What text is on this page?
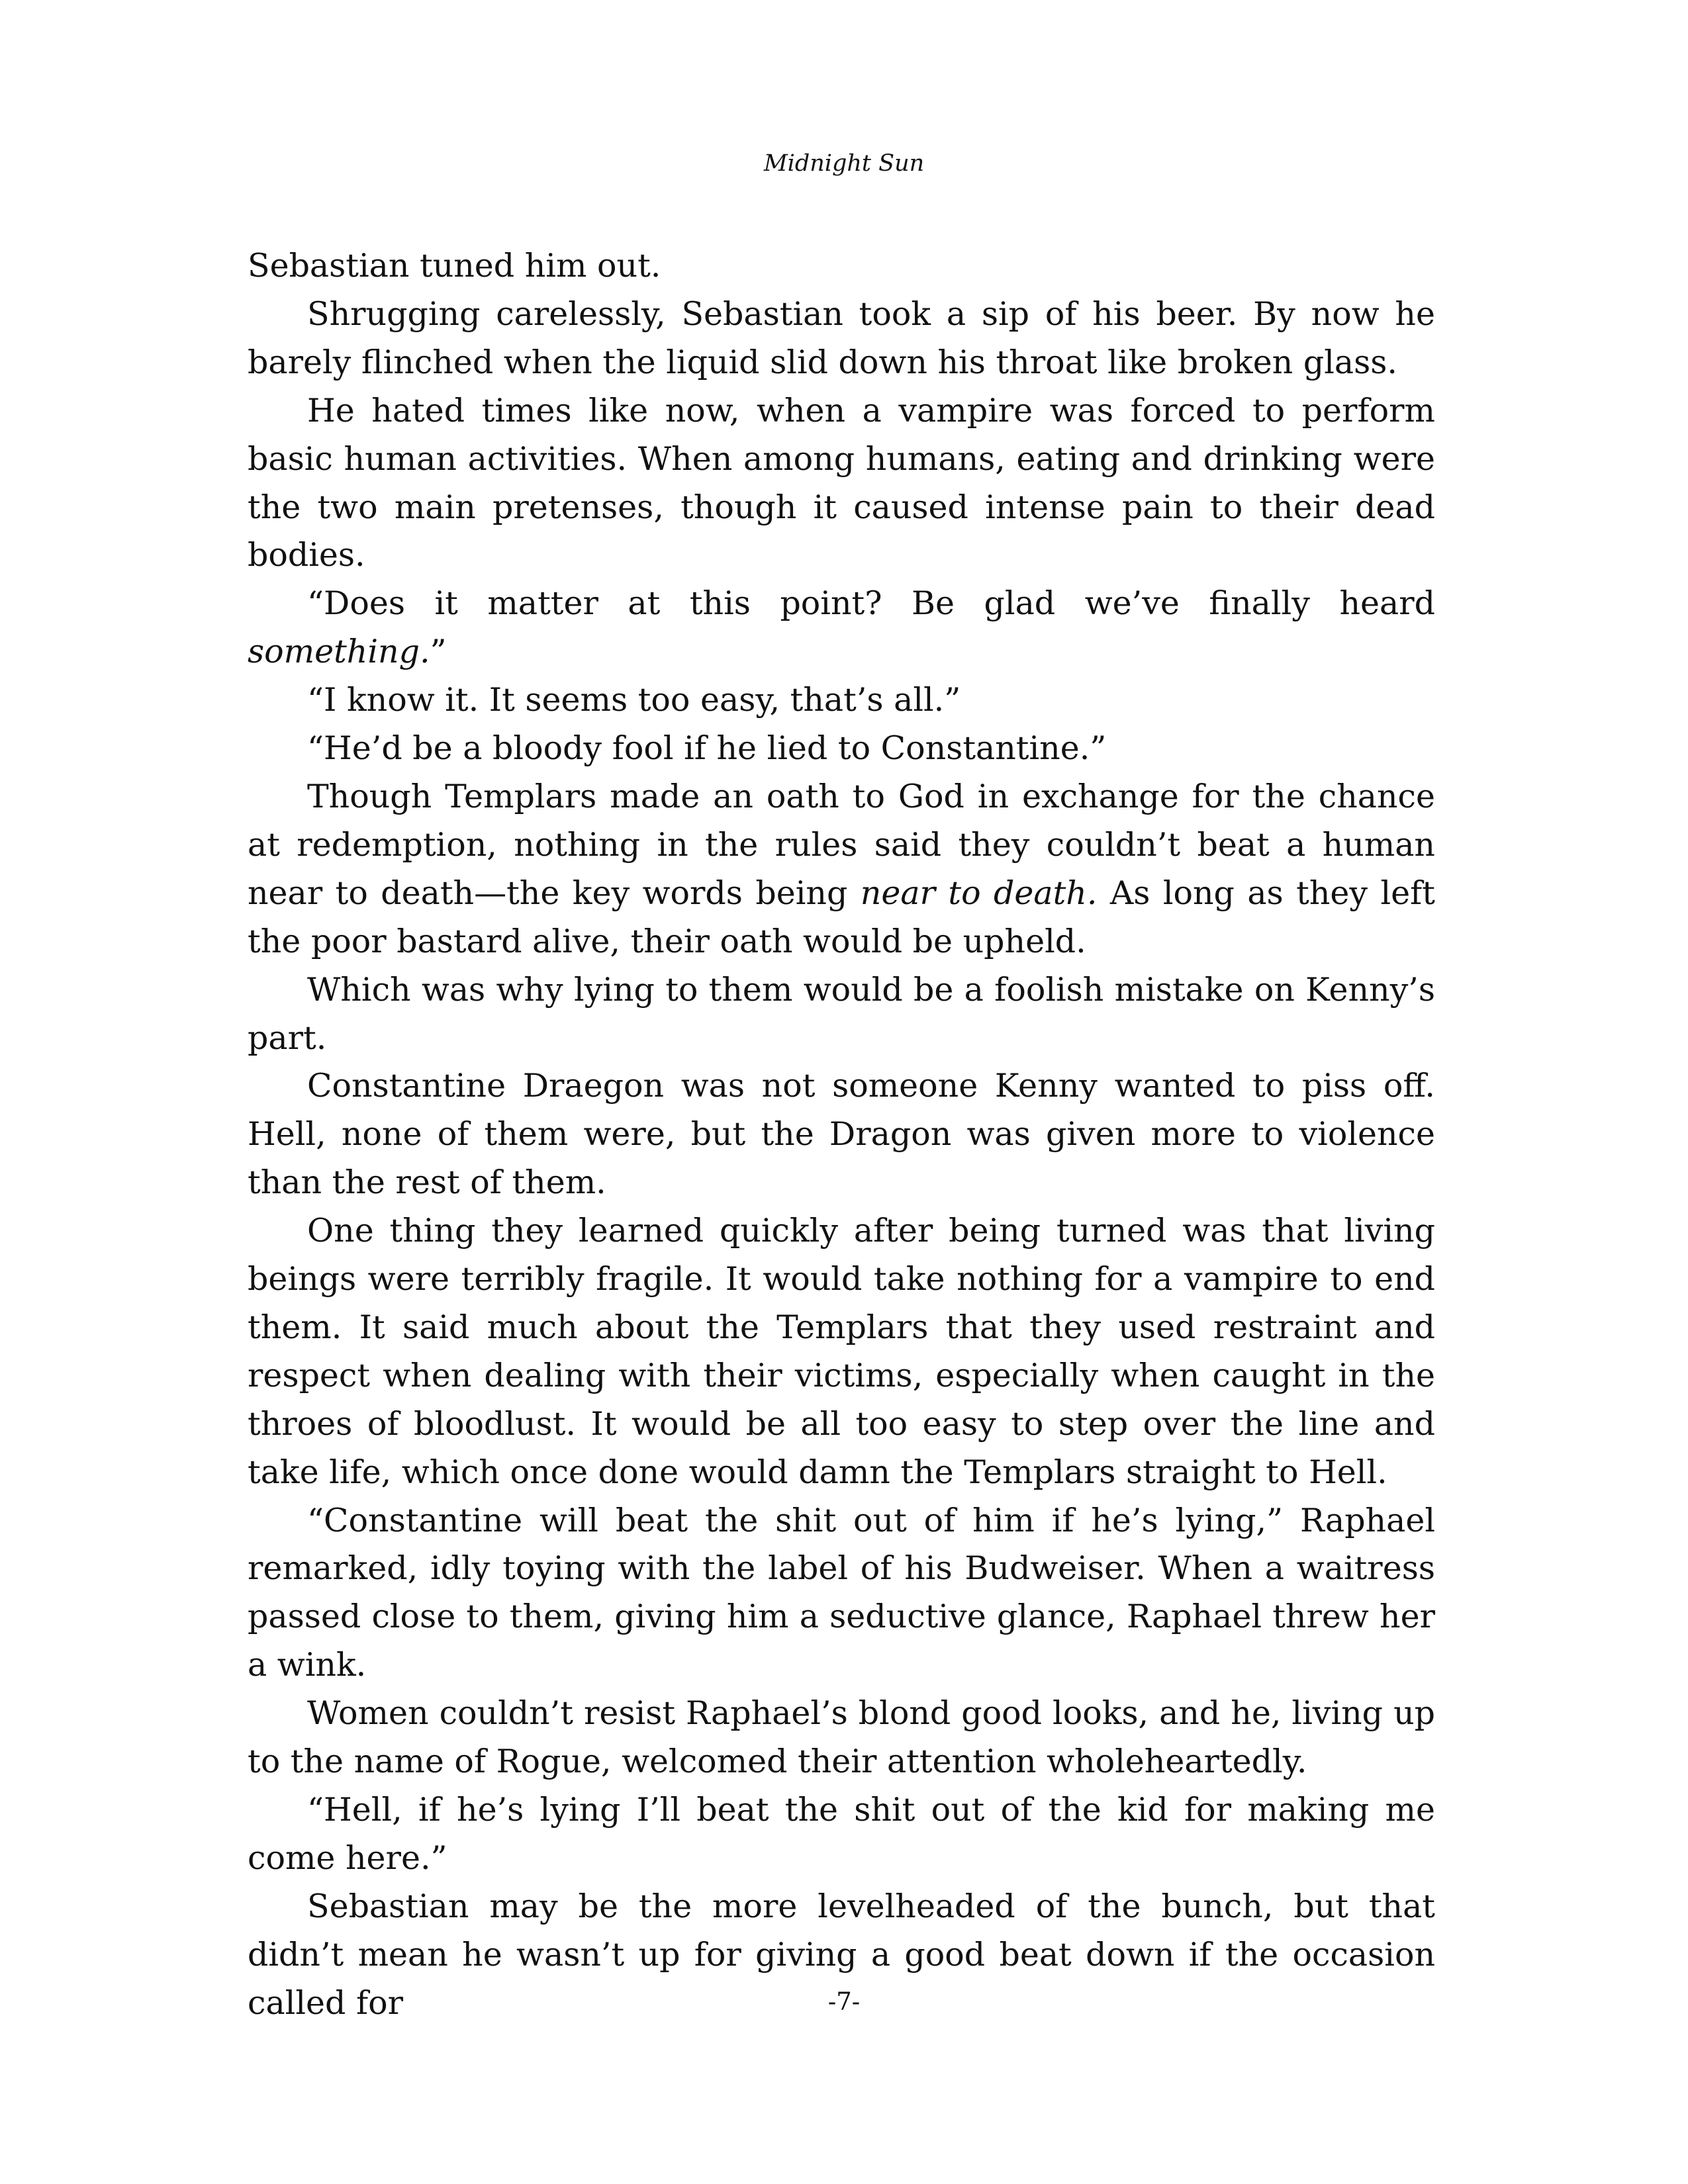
Midnight Sun

Sebastian tuned him out.

Shrugging carelessly, Sebastian took a sip of his beer. By now he barely flinched when the liquid slid down his throat like broken glass.

He hated times like now, when a vampire was forced to perform basic human activities. When among humans, eating and drinking were the two main pretenses, though it caused intense pain to their dead bodies.

“Does it matter at this point? Be glad we’ve finally heard something.”

“I know it. It seems too easy, that’s all.”

“He’d be a bloody fool if he lied to Constantine.”

Though Templars made an oath to God in exchange for the chance at redemption, nothing in the rules said they couldn’t beat a human near to death—the key words being near to death. As long as they left the poor bastard alive, their oath would be upheld.

Which was why lying to them would be a foolish mistake on Kenny’s part.

Constantine Draegon was not someone Kenny wanted to piss off. Hell, none of them were, but the Dragon was given more to violence than the rest of them.

One thing they learned quickly after being turned was that living beings were terribly fragile. It would take nothing for a vampire to end them. It said much about the Templars that they used restraint and respect when dealing with their victims, especially when caught in the throes of bloodlust. It would be all too easy to step over the line and take life, which once done would damn the Templars straight to Hell.

“Constantine will beat the shit out of him if he’s lying,” Raphael remarked, idly toying with the label of his Budweiser. When a waitress passed close to them, giving him a seductive glance, Raphael threw her a wink.

Women couldn’t resist Raphael’s blond good looks, and he, living up to the name of Rogue, welcomed their attention wholeheartedly.

“Hell, if he’s lying I’ll beat the shit out of the kid for making me come here.”

Sebastian may be the more levelheaded of the bunch, but that didn’t mean he wasn’t up for giving a good beat down if the occasion called for	-7-
